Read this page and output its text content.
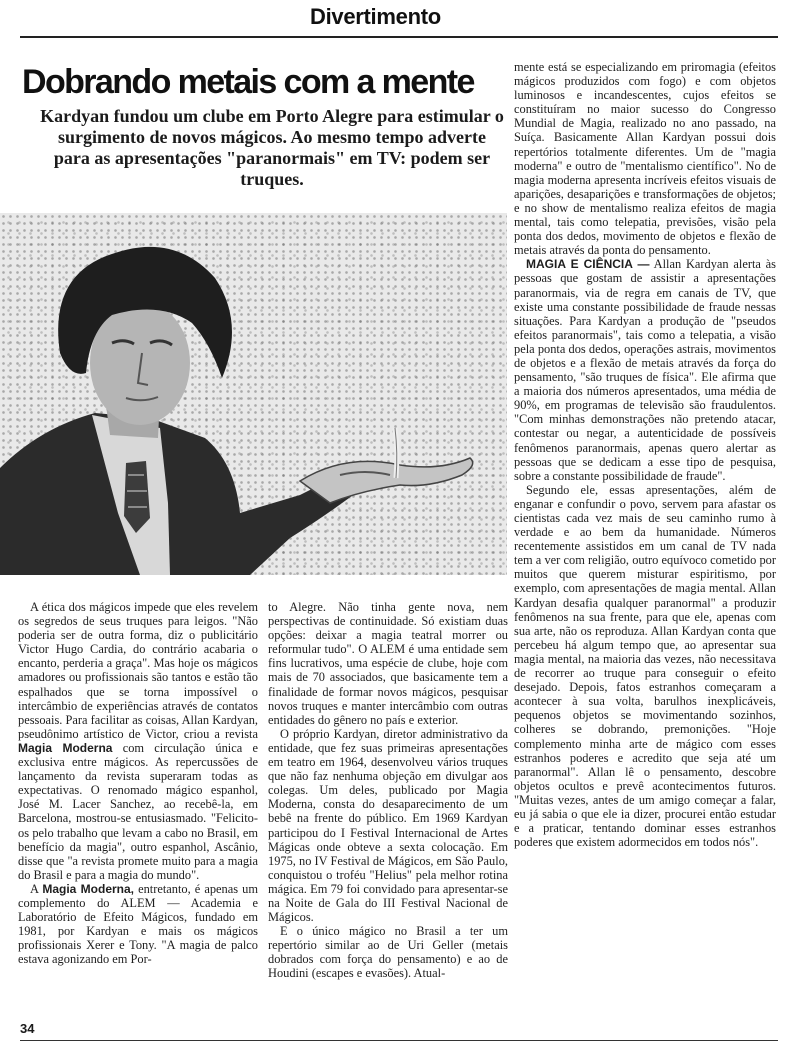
Divertimento
Dobrando metais com a mente
Kardyan fundou um clube em Porto Alegre para estimular o surgimento de novos mágicos. Ao mesmo tempo adverte para as apresentações "paranormais" em TV: podem ser truques.

A ética dos mágicos impede que eles revelem os segredos de seus truques para leigos. "Não poderia ser de outra forma, diz o publicitário Victor Hugo Cardia, do contrário acabaria o encanto, perderia a graça". Mas hoje os mágicos amadores ou profissionais são tantos e estão tão espalhados que se torna impossível o intercâmbio de experiências através de contatos pessoais. Para facilitar as coisas, Allan Kardyan, pseudônimo artístico de Victor, criou a revista Magia Moderna com circulação única e exclusiva entre mágicos. As repercussões de lançamento da revista superaram todas as expectativas. O renomado mágico espanhol, José M. Lacer Sanchez, ao recebê-la, em Barcelona, mostrou-se entusiasmado. "Felicito-os pelo trabalho que levam a cabo no Brasil, em benefício da magia", outro espanhol, Ascânio, disse que "a revista promete muito para a magia do Brasil e para a magia do mundo".

A Magia Moderna, entretanto, é apenas um complemento do ALEM — Academia e Laboratório de Efeito Mágicos, fundado em 1981, por Kardyan e mais os mágicos profissionais Xerer e Tony. "A magia de palco estava agonizando em Por-

to Alegre. Não tinha gente nova, nem perspectivas de continuidade. Só existiam duas opções: deixar a magia teatral morrer ou reformular tudo". O ALEM é uma entidade sem fins lucrativos, uma espécie de clube, hoje com mais de 70 associados, que basicamente tem a finalidade de formar novos mágicos, pesquisar novos truques e manter intercâmbio com outras entidades do gênero no país e exterior.

O próprio Kardyan, diretor administrativo da entidade, que fez suas primeiras apresentações em teatro em 1964, desenvolveu vários truques que não faz nenhuma objeção em divulgar aos colegas. Um deles, publicado por Magia Moderna, consta do desaparecimento de um bebê na frente do público. Em 1969 Kardyan participou do I Festival Internacional de Artes Mágicas onde obteve a sexta colocação. Em 1975, no IV Festival de Mágicos, em São Paulo, conquistou o troféu "Helius" pela melhor rotina mágica. Em 79 foi convidado para apresentar-se na Noite de Gala do III Festival Nacional de Mágicos.

E o único mágico no Brasil a ter um repertório similar ao de Uri Geller (metais dobrados com força do pensamento) e ao de Houdini (escapes e evasões). Atual-

mente está se especializando em priromagia (efeitos mágicos produzidos com fogo) e com objetos luminosos e incandescentes, cujos efeitos se constituíram no maior sucesso do Congresso Mundial de Magia, realizado no ano passado, na Suíça. Basicamente Allan Kardyan possui dois repertórios totalmente diferentes. Um de "magia moderna" e outro de "mentalismo científico". No de magia moderna apresenta incríveis efeitos visuais de aparições, desaparições e transformações de objetos; e no show de mentalismo realiza efeitos de magia mental, tais como telepatia, previsões, visão pela ponta dos dedos, movimento de objetos e flexão de metais através da ponta do pensamento.

MAGIA E CIÊNCIA — Allan Kardyan alerta às pessoas que gostam de assistir a apresentações paranormais, via de regra em canais de TV, que existe uma constante possibilidade de fraude nessas situações. Para Kardyan a produção de "pseudos efeitos paranormais", tais como a telepatia, a visão pela ponta dos dedos, operações astrais, movimentos de objetos e a flexão de metais através da força do pensamento, "são truques de física". Ele afirma que a maioria dos números apresentados, uma média de 90%, em programas de televisão são fraudulentos. "Com minhas demonstrações não pretendo atacar, contestar ou negar, a autenticidade de possíveis fenômenos paranormais, apenas quero alertar as pessoas que se dedicam a esse tipo de pesquisa, sobre a constante possibilidade de fraude".

Segundo ele, essas apresentações, além de enganar e confundir o povo, servem para afastar os cientistas cada vez mais de seu caminho rumo à verdade e ao bem da humanidade. Números recentemente assistidos em um canal de TV nada tem a ver com religião, outro equívoco cometido por muitos que querem misturar espiritismo, por exemplo, com apresentações de magia mental. Allan Kardyan desafia qualquer paranormal" a produzir fenômenos na sua frente, para que ele, apenas com sua arte, não os reproduza. Allan Kardyan conta que percebeu há algum tempo que, ao apresentar sua magia mental, na maioria das vezes, não necessitava de recorrer ao truque para conseguir o efeito desejado. Depois, fatos estranhos começaram a acontecer à sua volta, barulhos inexplicáveis, pequenos objetos se movimentando sozinhos, colheres se dobrando, premonições. "Hoje complemento minha arte de mágico com esses estranhos poderes e acredito que seja até um paranormal". Allan lê o pensamento, descobre objetos ocultos e prevê acontecimentos futuros. "Muitas vezes, antes de um amigo começar a falar, eu já sabia o que ele ia dizer, procurei então estudar e a praticar, tentando dominar esses estranhos poderes que existem adormecidos em todos nós".

34
